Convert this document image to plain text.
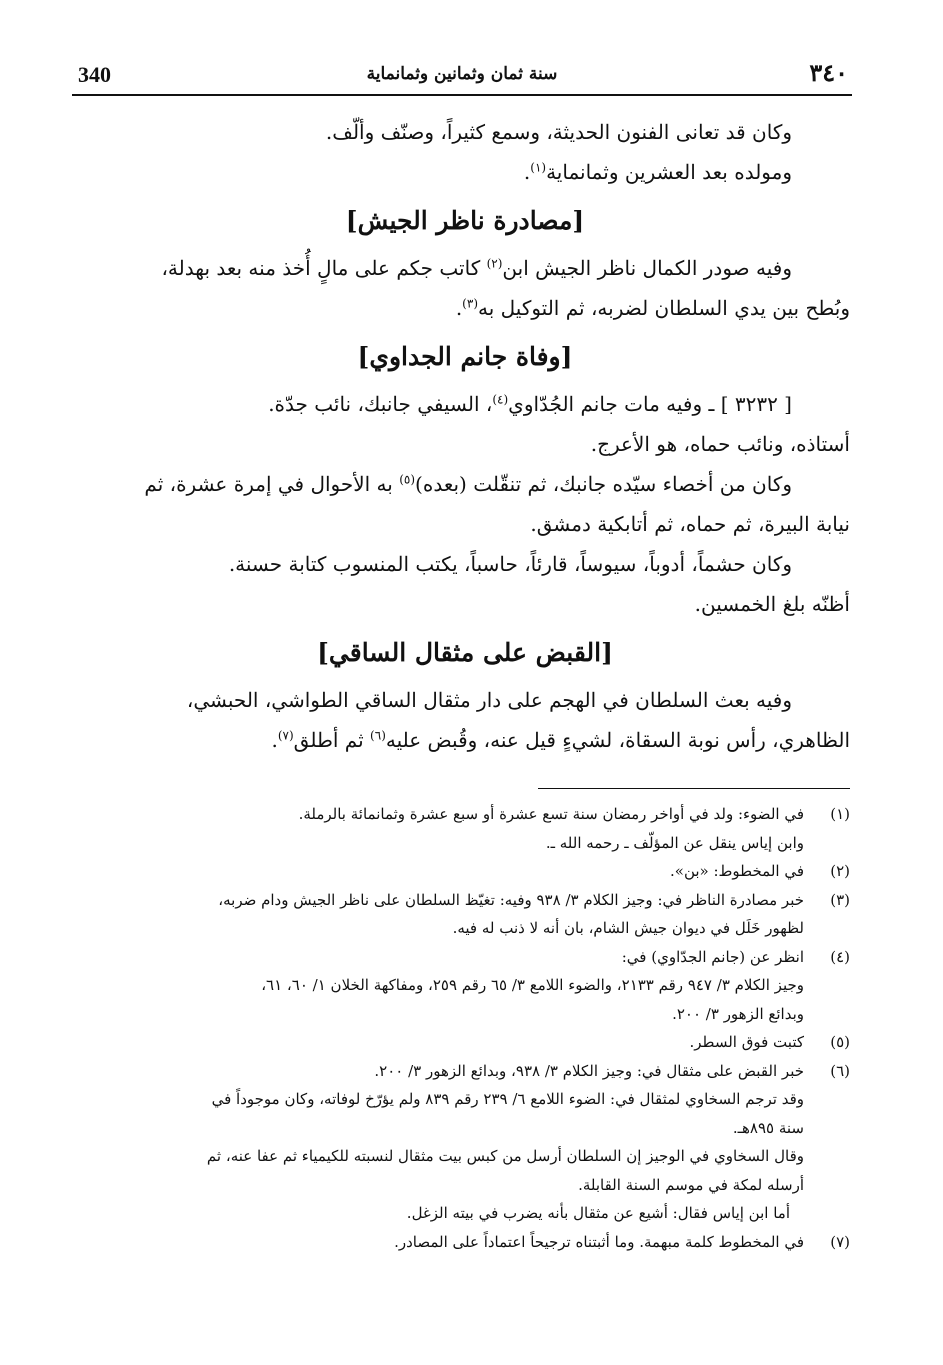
340	سنة ثمان وثمانين وثمانماية	٣٤٠

وكان قد تعانى الفنون الحديثة، وسمع كثيراً، وصنّف وألّف.

ومولده بعد العشرين وثمانماية$^{(١)}$.

[مصادرة ناظر الجيش]

وفيه صودر الكمال ناظر الجيش ابن$^{(٢)}$ كاتب جكم على مالٍ أُخذ منه بعد بهدلة،

وبُطح بين يدي السلطان لضربه، ثم التوكيل به$^{(٣)}$.

[وفاة جانم الجداوي]

[ ٣٢٣٢ ] ـ وفيه مات جانم الجُدّاوي$^{(٤)}$، السيفي جانبك، نائب جدّة.

أستاذه، ونائب حماه، هو الأعرج.

وكان من أخصاء سيّده جانبك، ثم تنقّلت (بعده)$^{(٥)}$ به الأحوال في إمرة عشرة، ثم

نيابة البيرة، ثم حماه، ثم أتابكية دمشق.

وكان حشماً، أدوباً، سيوساً، قارئاً، حاسباً، يكتب المنسوب كتابة حسنة.

أظنّه بلغ الخمسين.

[القبض على مثقال الساقي]

وفيه بعث السلطان في الهجم على دار مثقال الساقي الطواشي، الحبشي،

الظاهري، رأس نوبة السقاة، لشيءٍ قيل عنه، وقُبض عليه$^{(٦)}$ ثم أطلق$^{(٧)}$.

(١)
في الضوء: ولد في أواخر رمضان سنة تسع عشرة أو سبع عشرة وثمانمائة بالرملة.
وابن إياس ينقل عن المؤلّف ـ رحمه الله ـ.
(٢)
في المخطوط: «بن».
(٣)
خبر مصادرة الناظر في: وجيز الكلام ٣/ ٩٣٨ وفيه: تغيّظ السلطان على ناظر الجيش ودام ضربه،
لظهور خَلَل في ديوان جيش الشام، بان أنه لا ذنب له فيه.
(٤)
انظر عن (جانم الجدّاوي) في:
وجيز الكلام ٣/ ٩٤٧ رقم ٢١٣٣، والضوء اللامع ٣/ ٦٥ رقم ٢٥٩، ومفاكهة الخلان ١/ ٦٠، ٦١،
وبدائع الزهور ٣/ ٢٠٠.
(٥)
كتبت فوق السطر.
(٦)
خبر القبض على مثقال في: وجيز الكلام ٣/ ٩٣٨، وبدائع الزهور ٣/ ٢٠٠.
وقد ترجم السخاوي لمثقال في: الضوء اللامع ٦/ ٢٣٩ رقم ٨٣٩ ولم يؤرّخ لوفاته، وكان موجوداً في
سنة ٨٩٥هـ.
وقال السخاوي في الوجيز إن السلطان أرسل من كبس بيت مثقال لنسبته للكيمياء ثم عفا عنه، ثم
أرسله لمكة في موسم السنة القابلة.
أما ابن إياس فقال: أشيع عن مثقال بأنه يضرب في بيته الزغل.
(٧)
في المخطوط كلمة مبهمة. وما أثبتناه ترجيحاً اعتماداً على المصادر.
